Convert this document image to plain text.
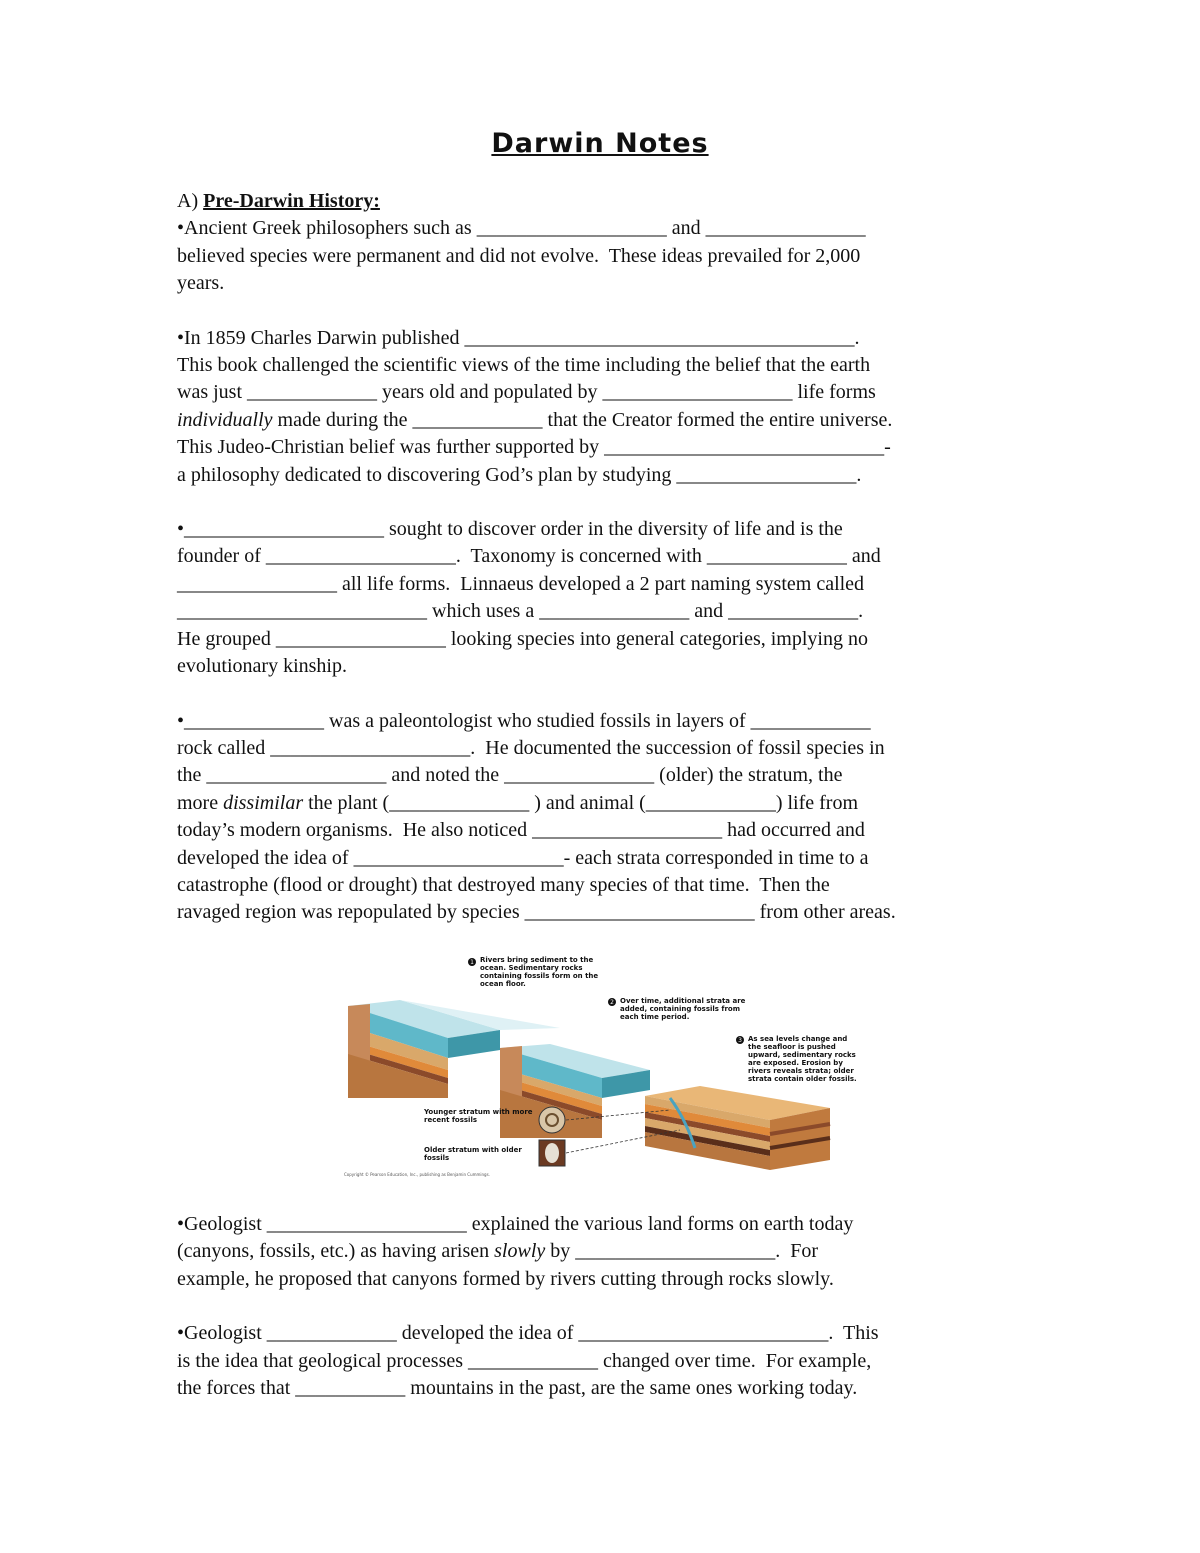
Darwin Notes

A) Pre-Darwin History:

•Ancient Greek philosophers such as ___________________ and ________________
believed species were permanent and did not evolve.  These ideas prevailed for 2,000
years.

•In 1859 Charles Darwin published _______________________________________.
This book challenged the scientific views of the time including the belief that the earth
was just _____________ years old and populated by ___________________ life forms
individually made during the _____________ that the Creator formed the entire universe.
This Judeo-Christian belief was further supported by ____________________________-
a philosophy dedicated to discovering God’s plan by studying __________________.

•____________________ sought to discover order in the diversity of life and is the
founder of ___________________.  Taxonomy is concerned with ______________ and
________________ all life forms.  Linnaeus developed a 2 part naming system called
_________________________ which uses a _______________ and _____________.
He grouped _________________ looking species into general categories, implying no
evolutionary kinship.

•______________ was a paleontologist who studied fossils in layers of ____________
rock called ____________________.  He documented the succession of fossil species in
the __________________ and noted the _______________ (older) the stratum, the
more dissimilar the plant (______________ ) and animal (_____________) life from
today’s modern organisms.  He also noticed ___________________ had occurred and
developed the idea of _____________________- each strata corresponded in time to a
catastrophe (flood or drought) that destroyed many species of that time.  Then the
ravaged region was repopulated by species _______________________ from other areas.

1
2
3
Rivers bring sediment to the ocean. Sedimentary rocks containing fossils form on the ocean floor.
Over time, additional strata are added, containing fossils from each time period.
As sea levels change and the seafloor is pushed upward, sedimentary rocks are exposed. Erosion by rivers reveals strata; older strata contain older fossils.
Younger stratum with more recent fossils
Older stratum with older fossils
Copyright © Pearson Education, Inc., publishing as Benjamin Cummings.

•Geologist ____________________ explained the various land forms on earth today
(canyons, fossils, etc.) as having arisen slowly by ____________________.  For
example, he proposed that canyons formed by rivers cutting through rocks slowly.

•Geologist _____________ developed the idea of _________________________.  This
is the idea that geological processes _____________ changed over time.  For example,
the forces that ___________ mountains in the past, are the same ones working today.
